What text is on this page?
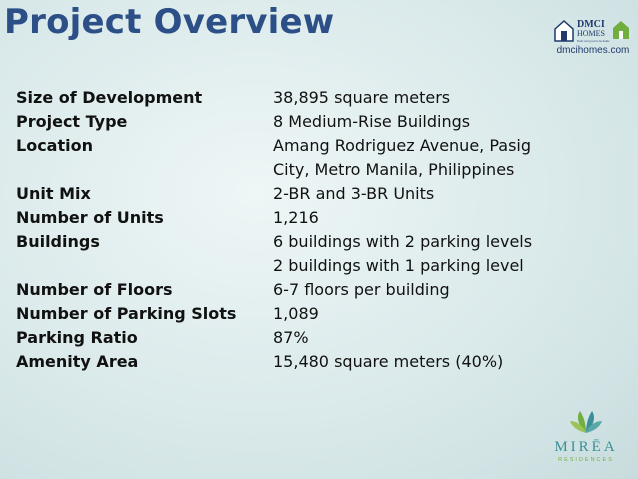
Project Overview	DMCI
HOMES
Feels real good to be home
dmcihomes.com
Size of Development	38,895 square meters
Project Type	8 Medium-Rise Buildings
Location	Amang Rodriguez Avenue, Pasig
City, Metro Manila, Philippines
Unit Mix	2-BR and 3-BR Units
Number of Units	1,216
Buildings	6 buildings with 2 parking levels
2 buildings with 1 parking level
Number of Floors	6-7 floors per building
Number of Parking Slots	1,089
Parking Ratio	87%
Amenity Area	15,480 square meters (40%)
MIRĒA
RESIDENCES
